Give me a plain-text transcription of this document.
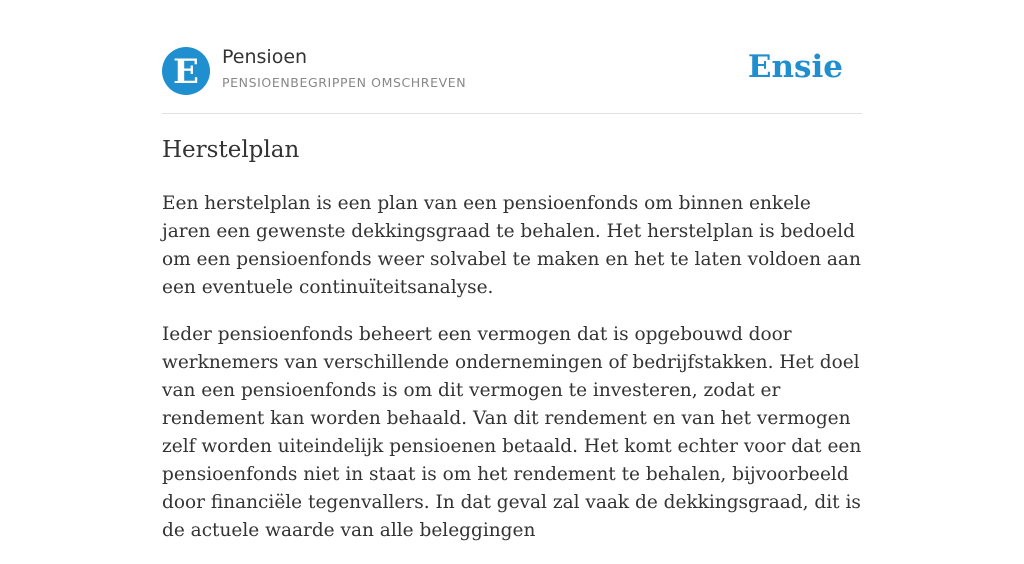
E Pensioen
PENSIOENBEGRIPPEN OMSCHREVEN	Ensie
Herstelplan

Een herstelplan is een plan van een pensioenfonds om binnen enkele jaren een gewenste dekkingsgraad te behalen. Het herstelplan is bedoeld om een pensioenfonds weer solvabel te maken en het te laten voldoen aan een eventuele continuïteitsanalyse.

Ieder pensioenfonds beheert een vermogen dat is opgebouwd door werknemers van verschillende ondernemingen of bedrijfstakken. Het doel van een pensioenfonds is om dit vermogen te investeren, zodat er rendement kan worden behaald. Van dit rendement en van het vermogen zelf worden uiteindelijk pensioenen betaald. Het komt echter voor dat een pensioenfonds niet in staat is om het rendement te behalen, bijvoorbeeld door financiële tegenvallers. In dat geval zal vaak de dekkingsgraad, dit is de actuele waarde van alle beleggingen
